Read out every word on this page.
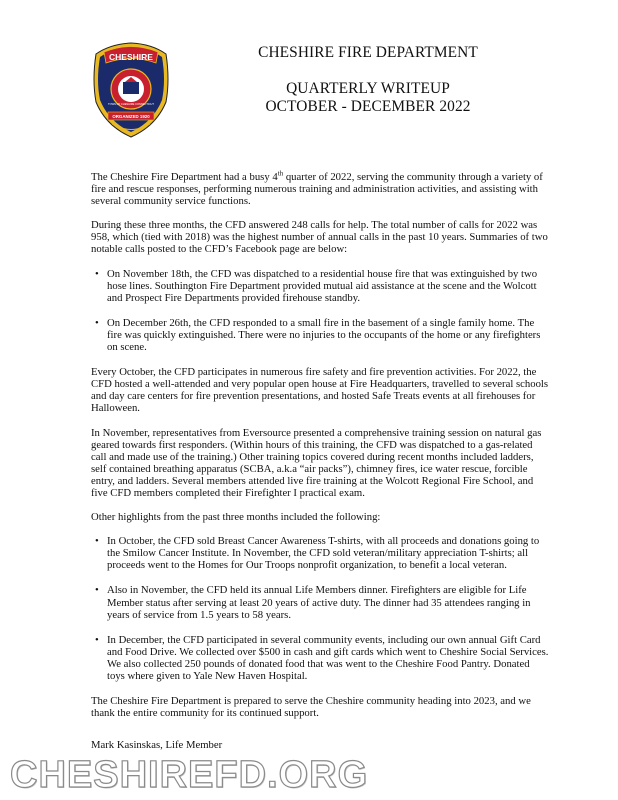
CHESHIRE
TOWN OF CHESHIRE CONNECTICUT
ORGANIZED 1920
CHESHIRE FIRE DEPARTMENT
QUARTERLY WRITEUP
OCTOBER - DECEMBER 2022

The Cheshire Fire Department had a busy 4th quarter of 2022, serving the community through a variety of fire and rescue responses, performing numerous training and administration activities, and assisting with several community service functions.

During these three months, the CFD answered 248 calls for help. The total number of calls for 2022 was 958, which (tied with 2018) was the highest number of annual calls in the past 10 years. Summaries of two notable calls posted to the CFD’s Facebook page are below:

• On November 18th, the CFD was dispatched to a residential house fire that was extinguished by two hose lines. Southington Fire Department provided mutual aid assistance at the scene and the Wolcott and Prospect Fire Departments provided firehouse standby.
• On December 26th, the CFD responded to a small fire in the basement of a single family home. The fire was quickly extinguished. There were no injuries to the occupants of the home or any firefighters on scene.

Every October, the CFD participates in numerous fire safety and fire prevention activities. For 2022, the CFD hosted a well-attended and very popular open house at Fire Headquarters, travelled to several schools and day care centers for fire prevention presentations, and hosted Safe Treats events at all firehouses for Halloween.

In November, representatives from Eversource presented a comprehensive training session on natural gas geared towards first responders. (Within hours of this training, the CFD was dispatched to a gas-related call and made use of the training.) Other training topics covered during recent months included ladders, self contained breathing apparatus (SCBA, a.k.a “air packs”), chimney fires, ice water rescue, forcible entry, and ladders. Several members attended live fire training at the Wolcott Regional Fire School, and five CFD members completed their Firefighter I practical exam.

Other highlights from the past three months included the following:

• In October, the CFD sold Breast Cancer Awareness T-shirts, with all proceeds and donations going to the Smilow Cancer Institute. In November, the CFD sold veteran/military appreciation T-shirts; all proceeds went to the Homes for Our Troops nonprofit organization, to benefit a local veteran.
• Also in November, the CFD held its annual Life Members dinner. Firefighters are eligible for Life Member status after serving at least 20 years of active duty. The dinner had 35 attendees ranging in years of service from 1.5 years to 58 years.
• In December, the CFD participated in several community events, including our own annual Gift Card and Food Drive. We collected over $500 in cash and gift cards which went to Cheshire Social Services. We also collected 250 pounds of donated food that was went to the Cheshire Food Pantry. Donated toys where given to Yale New Haven Hospital.

The Cheshire Fire Department is prepared to serve the Cheshire community heading into 2023, and we thank the entire community for its continued support.

Mark Kasinskas, Life Member
CHESHIREFD.ORG
